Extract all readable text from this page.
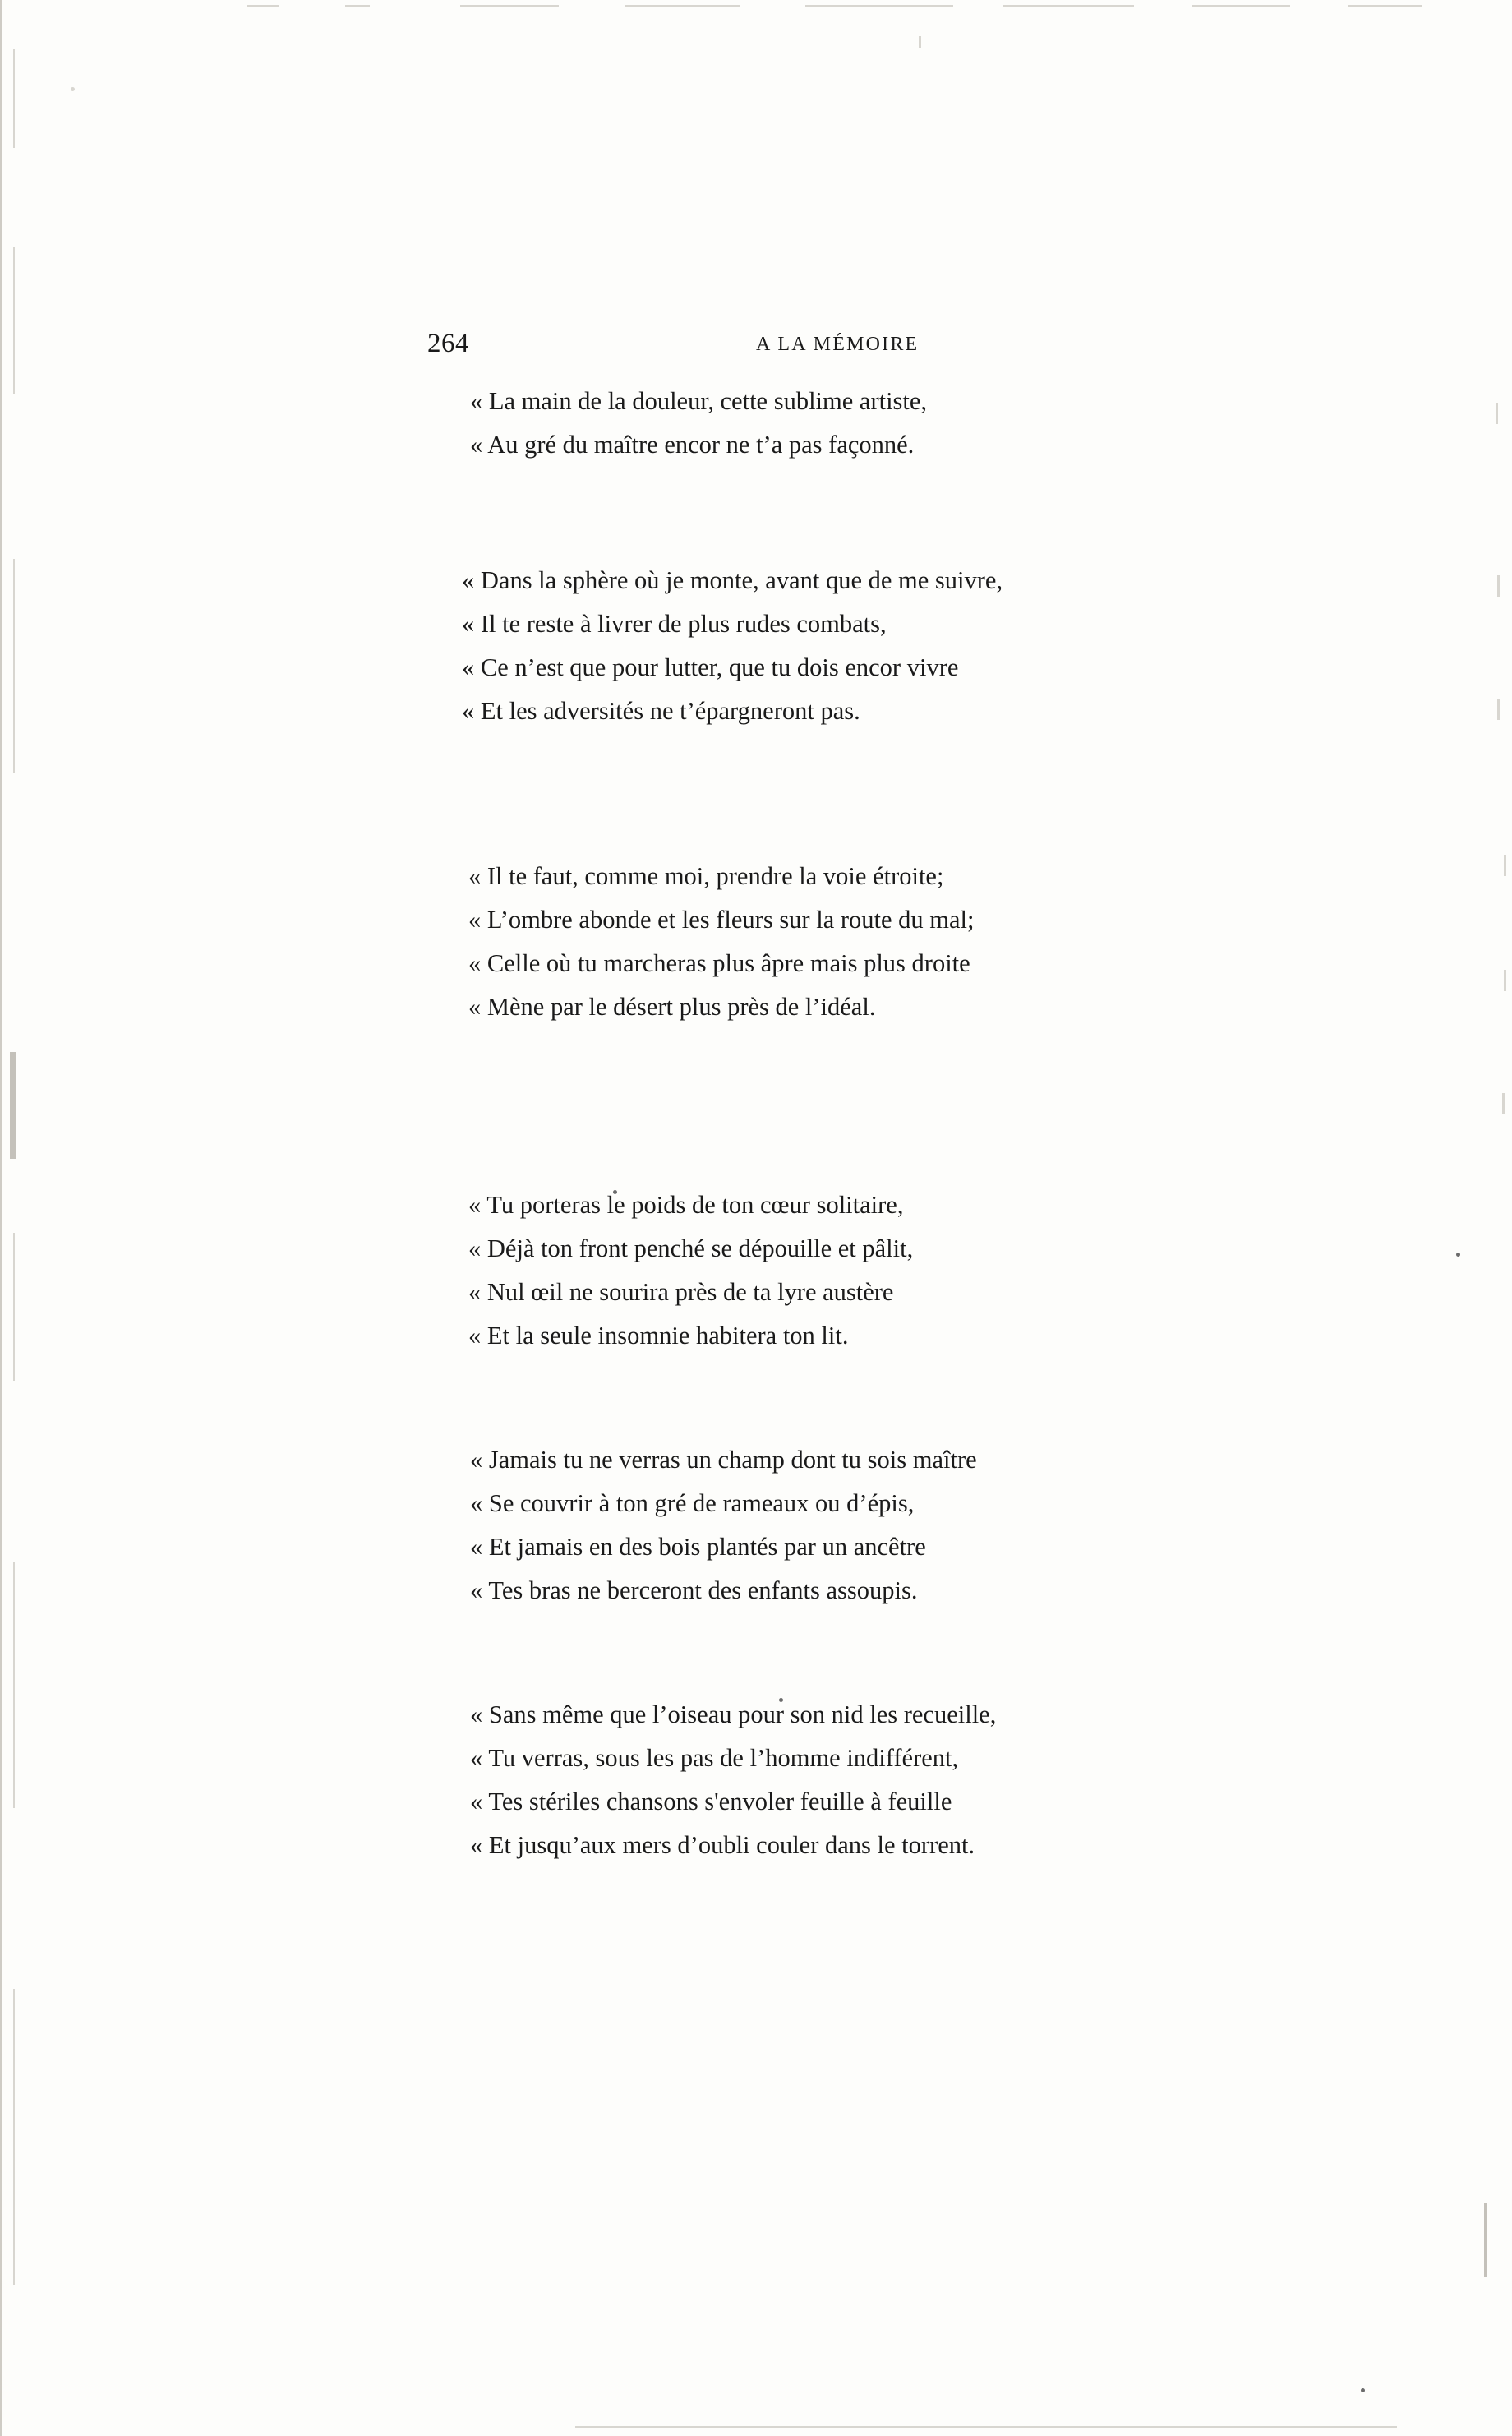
264	A LA MÉMOIRE
« La main de la douleur, cette sublime artiste,
« Au gré du maître encor ne t’a pas façonné.
« Dans la sphère où je monte, avant que de me suivre,
« Il te reste à livrer de plus rudes combats,
« Ce n’est que pour lutter, que tu dois encor vivre
« Et les adversités ne t’épargneront pas.
« Il te faut, comme moi, prendre la voie étroite;
« L’ombre abonde et les fleurs sur la route du mal;
« Celle où tu marcheras plus âpre mais plus droite
« Mène par le désert plus près de l’idéal.
« Tu porteras le poids de ton cœur solitaire,
« Déjà ton front penché se dépouille et pâlit,
« Nul œil ne sourira près de ta lyre austère
« Et la seule insomnie habitera ton lit.
« Jamais tu ne verras un champ dont tu sois maître
« Se couvrir à ton gré de rameaux ou d’épis,
« Et jamais en des bois plantés par un ancêtre
« Tes bras ne berceront des enfants assoupis.
« Sans même que l’oiseau pour son nid les recueille,
« Tu verras, sous les pas de l’homme indifférent,
« Tes stériles chansons s'envoler feuille à feuille
« Et jusqu’aux mers d’oubli couler dans le torrent.
